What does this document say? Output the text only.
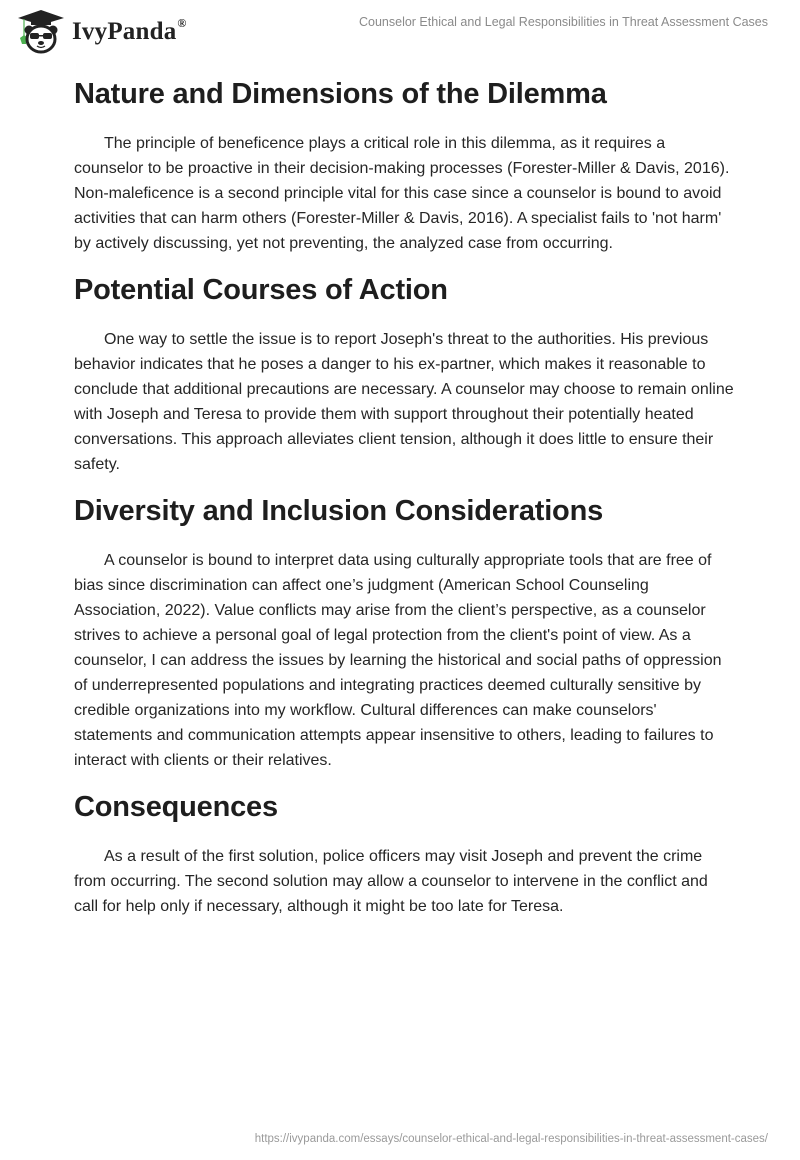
IvyPanda®	Counselor Ethical and Legal Responsibilities in Threat Assessment Cases
Nature and Dimensions of the Dilemma

The principle of beneficence plays a critical role in this dilemma, as it requires a counselor to be proactive in their decision-making processes (Forester-Miller & Davis, 2016). Non-maleficence is a second principle vital for this case since a counselor is bound to avoid activities that can harm others (Forester-Miller & Davis, 2016). A specialist fails to 'not harm' by actively discussing, yet not preventing, the analyzed case from occurring.

Potential Courses of Action

One way to settle the issue is to report Joseph's threat to the authorities. His previous behavior indicates that he poses a danger to his ex-partner, which makes it reasonable to conclude that additional precautions are necessary. A counselor may choose to remain online with Joseph and Teresa to provide them with support throughout their potentially heated conversations. This approach alleviates client tension, although it does little to ensure their safety.

Diversity and Inclusion Considerations

A counselor is bound to interpret data using culturally appropriate tools that are free of bias since discrimination can affect one’s judgment (American School Counseling Association, 2022). Value conflicts may arise from the client’s perspective, as a counselor strives to achieve a personal goal of legal protection from the client's point of view. As a counselor, I can address the issues by learning the historical and social paths of oppression of underrepresented populations and integrating practices deemed culturally sensitive by credible organizations into my workflow. Cultural differences can make counselors' statements and communication attempts appear insensitive to others, leading to failures to interact with clients or their relatives.

Consequences

As a result of the first solution, police officers may visit Joseph and prevent the crime from occurring. The second solution may allow a counselor to intervene in the conflict and call for help only if necessary, although it might be too late for Teresa.

https://ivypanda.com/essays/counselor-ethical-and-legal-responsibilities-in-threat-assessment-cases/
